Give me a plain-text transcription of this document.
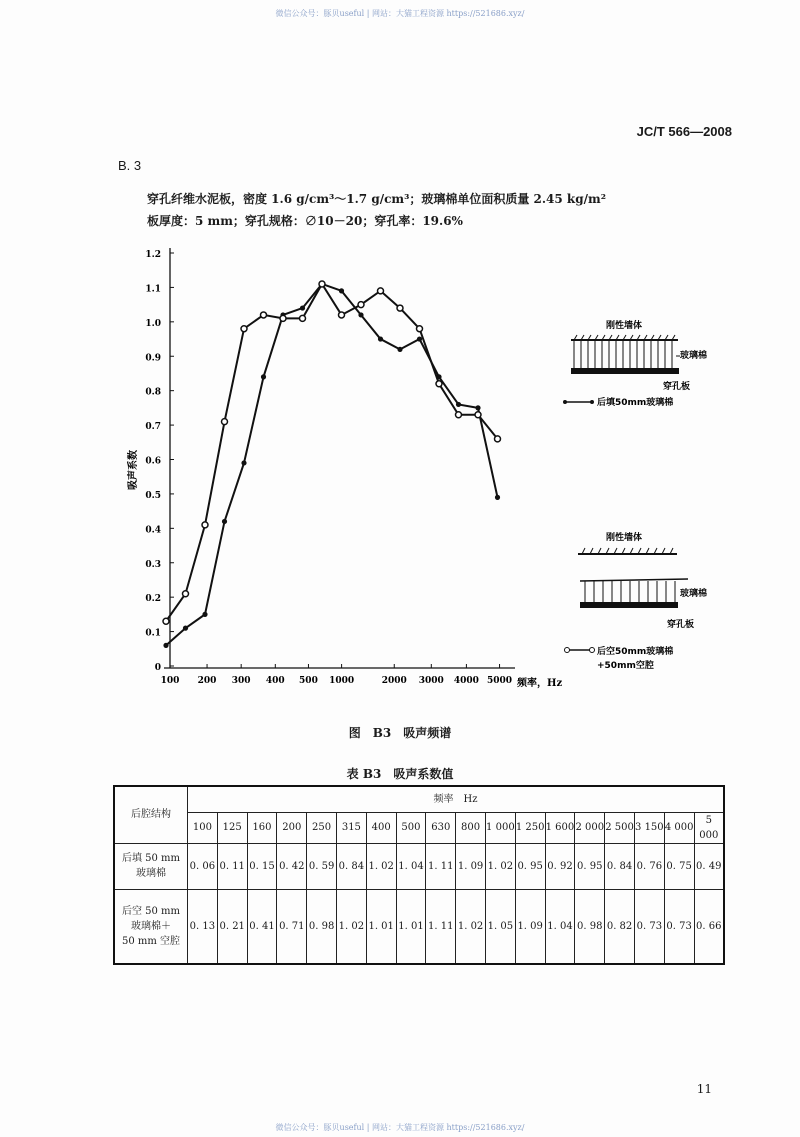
微信公众号：豚贝useful | 网站：大猫工程资源 https://521686.xyz/
JC/T 566—2008
B. 3
穿孔纤维水泥板，密度 1.6 g/cm³～1.7 g/cm³；玻璃棉单位面积质量 2.45 kg/m²
板厚度：5 mm；穿孔规格：∅10－20；穿孔率：19.6%
0
0.1
0.2
0.3
0.4
0.5
0.6
0.7
0.8
0.9
1.0
1.1
1.2
100 200 300 400 500 1000	2000 3000 4000 5000
吸声系数
频率，Hz
刚性墙体
玻璃棉
穿孔板
后填50mm玻璃棉
刚性墙体
玻璃棉
穿孔板
后空50mm玻璃棉
+50mm空腔
图　B3　吸声频谱
表 B3　吸声系数值
后腔结构	频率　Hz																	
	100	125	160	200	250	315	400	500	630	800	1 000	1 250	1 600	2 000	2 500	3 150	4 000	5 000

后填 50 mm
玻璃棉	0. 06	0. 11	0. 15	0. 42	0. 59	0. 84	1. 02	1. 04	1. 11	1. 09	1. 02	0. 95	0. 92	0. 95	0. 84	0. 76	0. 75	0. 49

后空 50 mm
玻璃棉＋
50 mm 空腔	0. 13	0. 21	0. 41	0. 71	0. 98	1. 02	1. 01	1. 01	1. 11	1. 02	1. 05	1. 09	1. 04	0. 98	0. 82	0. 73	0. 73	0. 66
11
微信公众号：豚贝useful | 网站：大猫工程资源 https://521686.xyz/
